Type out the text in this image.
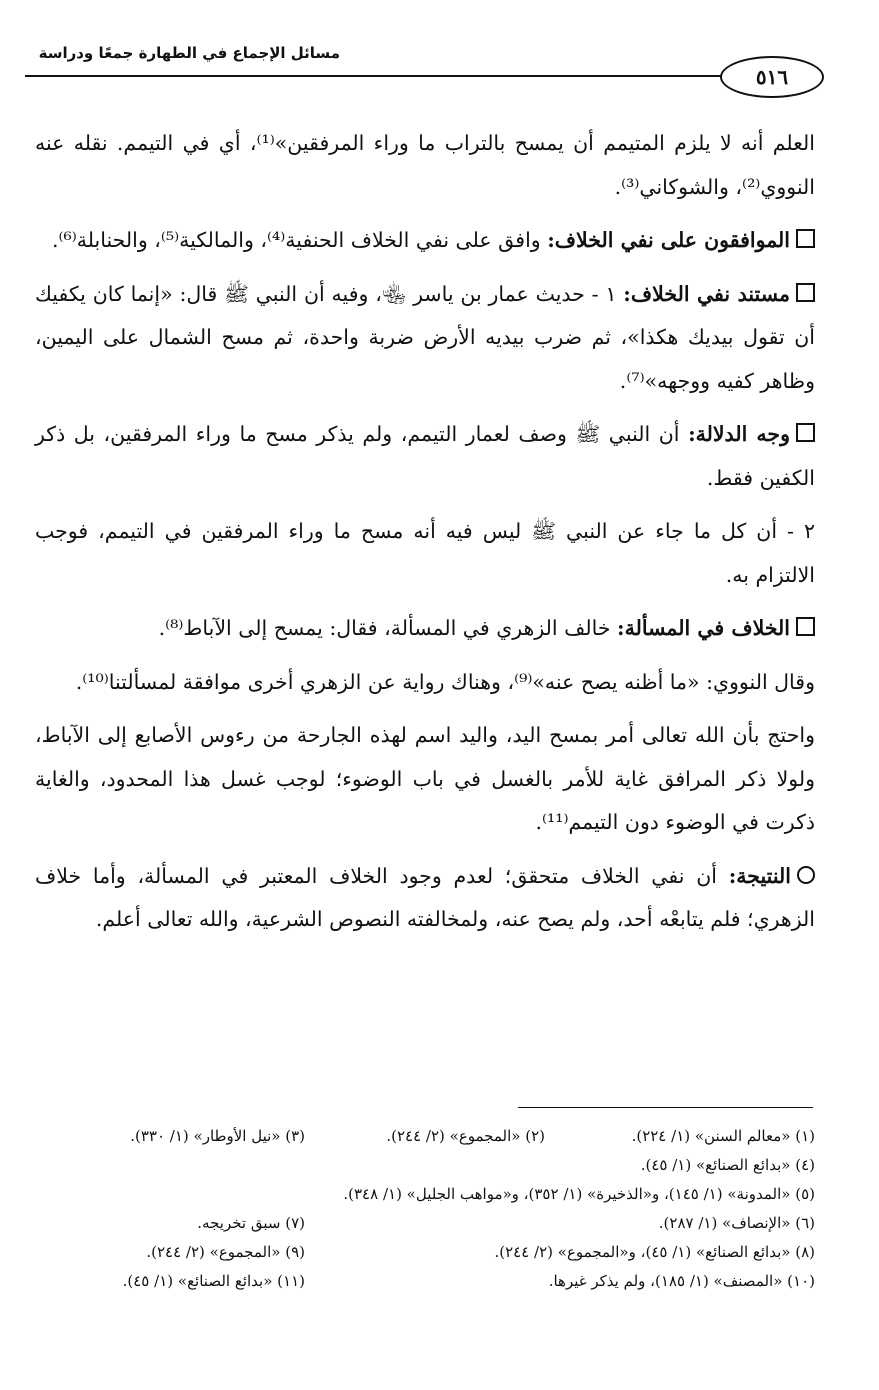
مسائل الإجماع في الطهارة جمعًا ودراسة
٥١٦

العلم أنه لا يلزم المتيمم أن يمسح بالتراب ما وراء المرفقين»⁽¹⁾، أي في التيمم. نقله عنه النووي⁽²⁾، والشوكاني⁽³⁾.

الموافقون على نفي الخلاف: وافق على نفي الخلاف الحنفية⁽⁴⁾، والمالكية⁽⁵⁾، والحنابلة⁽⁶⁾.

مستند نفي الخلاف: ١ - حديث عمار بن ياسر ﵄، وفيه أن النبي ﷺ قال: «إنما كان يكفيك أن تقول بيديك هكذا»، ثم ضرب بيديه الأرض ضربة واحدة، ثم مسح الشمال على اليمين، وظاهر كفيه ووجهه»⁽⁷⁾.

وجه الدلالة: أن النبي ﷺ وصف لعمار التيمم، ولم يذكر مسح ما وراء المرفقين، بل ذكر الكفين فقط.

٢ - أن كل ما جاء عن النبي ﷺ ليس فيه أنه مسح ما وراء المرفقين في التيمم، فوجب الالتزام به.

الخلاف في المسألة: خالف الزهري في المسألة، فقال: يمسح إلى الآباط⁽⁸⁾.

وقال النووي: «ما أظنه يصح عنه»⁽⁹⁾، وهناك رواية عن الزهري أخرى موافقة لمسألتنا⁽¹⁰⁾.

واحتج بأن الله تعالى أمر بمسح اليد، واليد اسم لهذه الجارحة من رءوس الأصابع إلى الآباط، ولولا ذكر المرافق غاية للأمر بالغسل في باب الوضوء؛ لوجب غسل هذا المحدود، والغاية ذكرت في الوضوء دون التيمم⁽¹¹⁾.

النتيجة: أن نفي الخلاف متحقق؛ لعدم وجود الخلاف المعتبر في المسألة، وأما خلاف الزهري؛ فلم يتابعْه أحد، ولم يصح عنه، ولمخالفته النصوص الشرعية، والله تعالى أعلم.

(١) «معالم السنن» (١/ ٢٢٤).
(٢) «المجموع» (٢/ ٢٤٤).
(٣) «نيل الأوطار» (١/ ٣٣٠).
(٤) «بدائع الصنائع» (١/ ٤٥).
(٥) «المدونة» (١/ ١٤٥)، و«الذخيرة» (١/ ٣٥٢)، و«مواهب الجليل» (١/ ٣٤٨).
(٦) «الإنصاف» (١/ ٢٨٧).
(٧) سبق تخريجه.
(٨) «بدائع الصنائع» (١/ ٤٥)، و«المجموع» (٢/ ٢٤٤).
(٩) «المجموع» (٢/ ٢٤٤).
(١٠) «المصنف» (١/ ١٨٥)، ولم يذكر غيرها.
(١١) «بدائع الصنائع» (١/ ٤٥).
